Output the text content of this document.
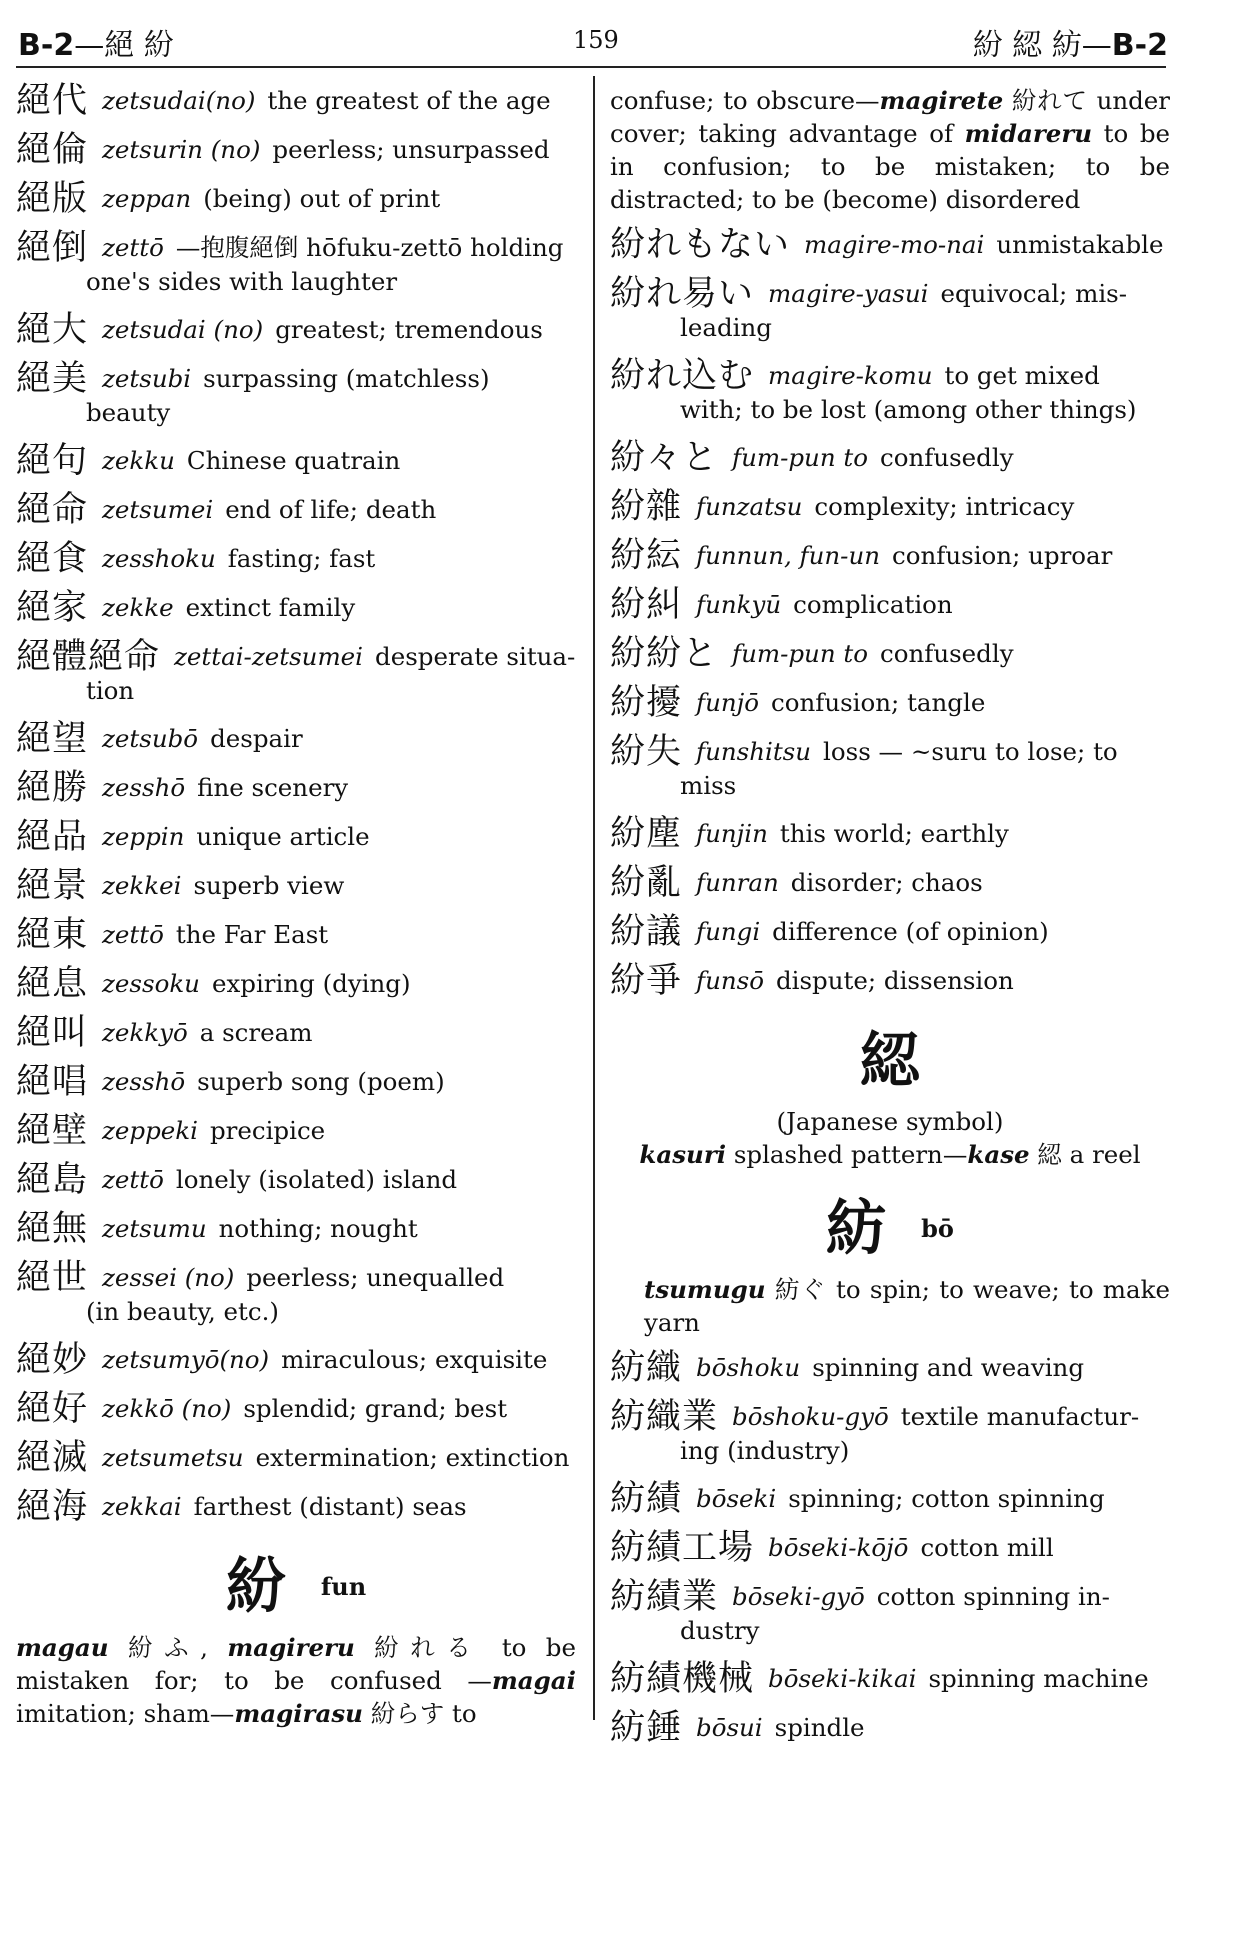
B-2—絕 紛	159	紛 綛 紡—B-2
絕代 zetsudai(no) the greatest of the age
絕倫 zetsurin (no) peerless; unsurpassed
絕版 zeppan (being) out of print
絕倒 zettō —抱腹絕倒 hōfuku-zettō holding
one's sides with laughter
絕大 zetsudai (no) greatest; tremendous
絕美 zetsubi surpassing (matchless)
beauty
絕句 zekku Chinese quatrain
絕命 zetsumei end of life; death
絕食 zesshoku fasting; fast
絕家 zekke extinct family
絕體絕命 zettai-zetsumei desperate situa-
tion
絕望 zetsubō despair
絕勝 zesshō fine scenery
絕品 zeppin unique article
絕景 zekkei superb view
絕東 zettō the Far East
絕息 zessoku expiring (dying)
絕叫 zekkyō a scream
絕唱 zesshō superb song (poem)
絕壁 zeppeki precipice
絕島 zettō lonely (isolated) island
絕無 zetsumu nothing; nought
絕世 zessei (no) peerless; unequalled
(in beauty, etc.)
絕妙 zetsumyō(no) miraculous; exquisite
絕好 zekkō (no) splendid; grand; best
絕滅 zetsumetsu extermination; extinction
絕海 zekkai farthest (distant) seas
紛 fun
magau 紛ふ, magireru 紛れる to be mistaken for; to be confused —magai imitation; sham—magirasu 紛らす to
confuse; to obscure—magirete 紛れて under cover; taking advantage of midareru to be in confusion; to be mistaken; to be distracted; to be (become) disordered
紛れもない magire-mo-nai unmistakable
紛れ易い magire-yasui equivocal; mis-
leading
紛れ込む magire-komu to get mixed
with; to be lost (among other things)
紛々と fum-pun to confusedly
紛雜 funzatsu complexity; intricacy
紛紜 funnun, fun-un confusion; uproar
紛糾 funkyū complication
紛紛と fum-pun to confusedly
紛擾 funjō confusion; tangle
紛失 funshitsu loss — ~suru to lose; to
miss
紛塵 funjin this world; earthly
紛亂 funran disorder; chaos
紛議 fungi difference (of opinion)
紛爭 funsō dispute; dissension
綛
(Japanese symbol)
kasuri splashed pattern—kase 綛 a reel
紡 bō
tsumugu 紡ぐ to spin; to weave; to make yarn
紡織 bōshoku spinning and weaving
紡織業 bōshoku-gyō textile manufactur-
ing (industry)
紡績 bōseki spinning; cotton spinning
紡績工場 bōseki-kōjō cotton mill
紡績業 bōseki-gyō cotton spinning in-
dustry
紡績機械 bōseki-kikai spinning machine
紡錘 bōsui spindle
